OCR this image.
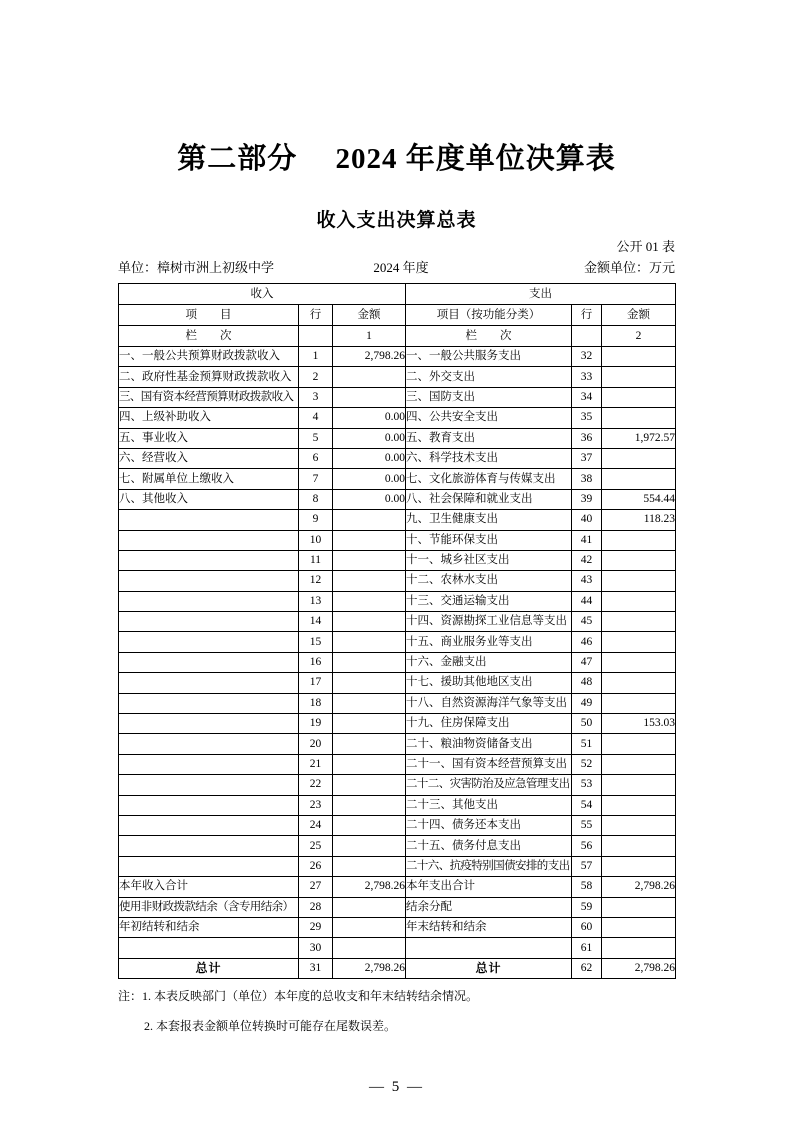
第二部分　 2024 年度单位决算表
收入支出决算总表
公开 01 表
单位：樟树市洲上初级中学	2024 年度	金额单位：万元
收入			支出		
项　　目	行	金额	项目（按功能分类）	行	金额
栏　　次		1	栏　　次		2
一、一般公共预算财政拨款收入	1	2,798.26	一、一般公共服务支出	32	
二、政府性基金预算财政拨款收入	2		二、外交支出	33	
三、国有资本经营预算财政拨款收入	3		三、国防支出	34	
四、上级补助收入	4	0.00	四、公共安全支出	35	
五、事业收入	5	0.00	五、教育支出	36	1,972.57
六、经营收入	6	0.00	六、科学技术支出	37	
七、附属单位上缴收入	7	0.00	七、文化旅游体育与传媒支出	38	
八、其他收入	8	0.00	八、社会保障和就业支出	39	554.44
	9		九、卫生健康支出	40	118.23
	10		十、节能环保支出	41	
	11		十一、城乡社区支出	42	
	12		十二、农林水支出	43	
	13		十三、交通运输支出	44	
	14		十四、资源勘探工业信息等支出	45	
	15		十五、商业服务业等支出	46	
	16		十六、金融支出	47	
	17		十七、援助其他地区支出	48	
	18		十八、自然资源海洋气象等支出	49	
	19		十九、住房保障支出	50	153.03
	20		二十、粮油物资储备支出	51	
	21		二十一、国有资本经营预算支出	52	
	22		二十二、灾害防治及应急管理支出	53	
	23		二十三、其他支出	54	
	24		二十四、债务还本支出	55	
	25		二十五、债务付息支出	56	
	26		二十六、抗疫特别国债安排的支出	57	
本年收入合计	27	2,798.26	本年支出合计	58	2,798.26
使用非财政拨款结余（含专用结余）	28		结余分配	59	
年初结转和结余	29		年末结转和结余	60	
	30			61	
总计	31	2,798.26	总计	62	2,798.26
注：1. 本表反映部门（单位）本年度的总收支和年末结转结余情况。
2. 本套报表金额单位转换时可能存在尾数误差。
— 5 —
